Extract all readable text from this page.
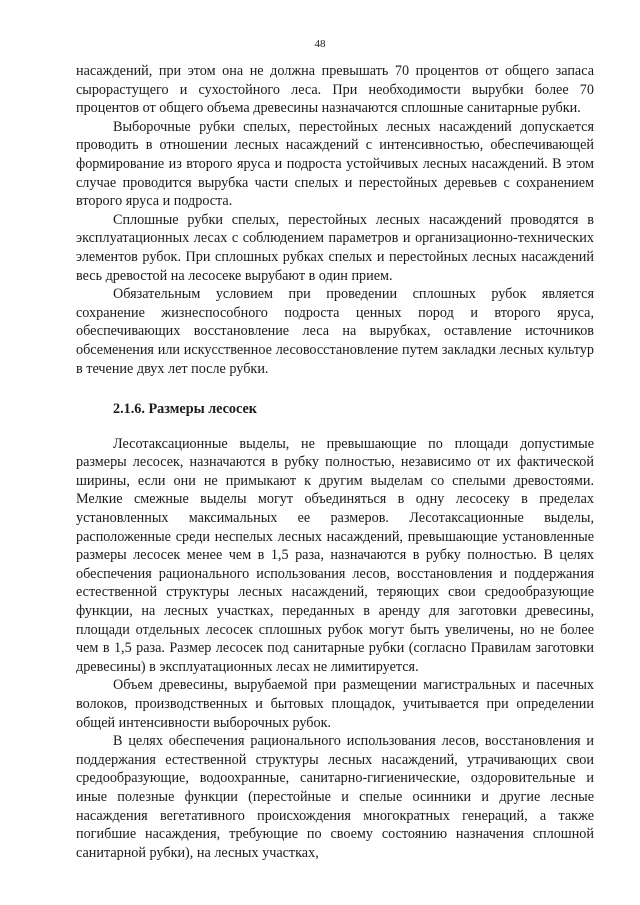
48

насаждений, при этом она не должна превышать 70 процентов от общего запаса сырорастущего и сухостойного леса. При необходимости вырубки более 70 процентов от общего объема древесины назначаются сплошные санитарные рубки.

Выборочные рубки спелых, перестойных лесных насаждений допускается проводить в отношении лесных насаждений с интенсивностью, обеспечивающей формирование из второго яруса и подроста устойчивых лесных насаждений. В этом случае проводится вырубка части спелых и перестойных деревьев с сохранением второго яруса и подроста.

Сплошные рубки спелых, перестойных лесных насаждений проводятся в эксплуатационных лесах с соблюдением параметров и организационно-технических элементов рубок. При сплошных рубках спелых и перестойных лесных насаждений весь древостой на лесосеке вырубают в один прием.

Обязательным условием при проведении сплошных рубок является сохранение жизнеспособного подроста ценных пород и второго яруса, обеспечивающих восстановление леса на вырубках, оставление источников обсеменения или искусственное лесовосстановление путем закладки лесных культур в течение двух лет после рубки.

2.1.6. Размеры лесосек

Лесотаксационные выделы, не превышающие по площади допустимые размеры лесосек, назначаются в рубку полностью, независимо от их фактической ширины, если они не примыкают к другим выделам со спелыми древостоями. Мелкие смежные выделы могут объединяться в одну лесосеку в пределах установленных максимальных ее размеров. Лесотаксационные выделы, расположенные среди неспелых лесных насаждений, превышающие установленные размеры лесосек менее чем в 1,5 раза, назначаются в рубку полностью. В целях обеспечения рационального использования лесов, восстановления и поддержания естественной структуры лесных насаждений, теряющих свои средообразующие функции, на лесных участках, переданных в аренду для заготовки древесины, площади отдельных лесосек сплошных рубок могут быть увеличены, но не более чем в 1,5 раза. Размер лесосек под санитарные рубки (согласно Правилам заготовки древесины) в эксплуатационных лесах не лимитируется.

Объем древесины, вырубаемой при размещении магистральных и пасечных волоков, производственных и бытовых площадок, учитывается при определении общей интенсивности выборочных рубок.

В целях обеспечения рационального использования лесов, восстановления и поддержания естественной структуры лесных насаждений, утрачивающих свои средообразующие, водоохранные, санитарно-гигиенические, оздоровительные и иные полезные функции (перестойные и спелые осинники и другие лесные насаждения вегетативного происхождения многократных генераций, а также погибшие насаждения, требующие по своему состоянию назначения сплошной санитарной рубки), на лесных участках,
